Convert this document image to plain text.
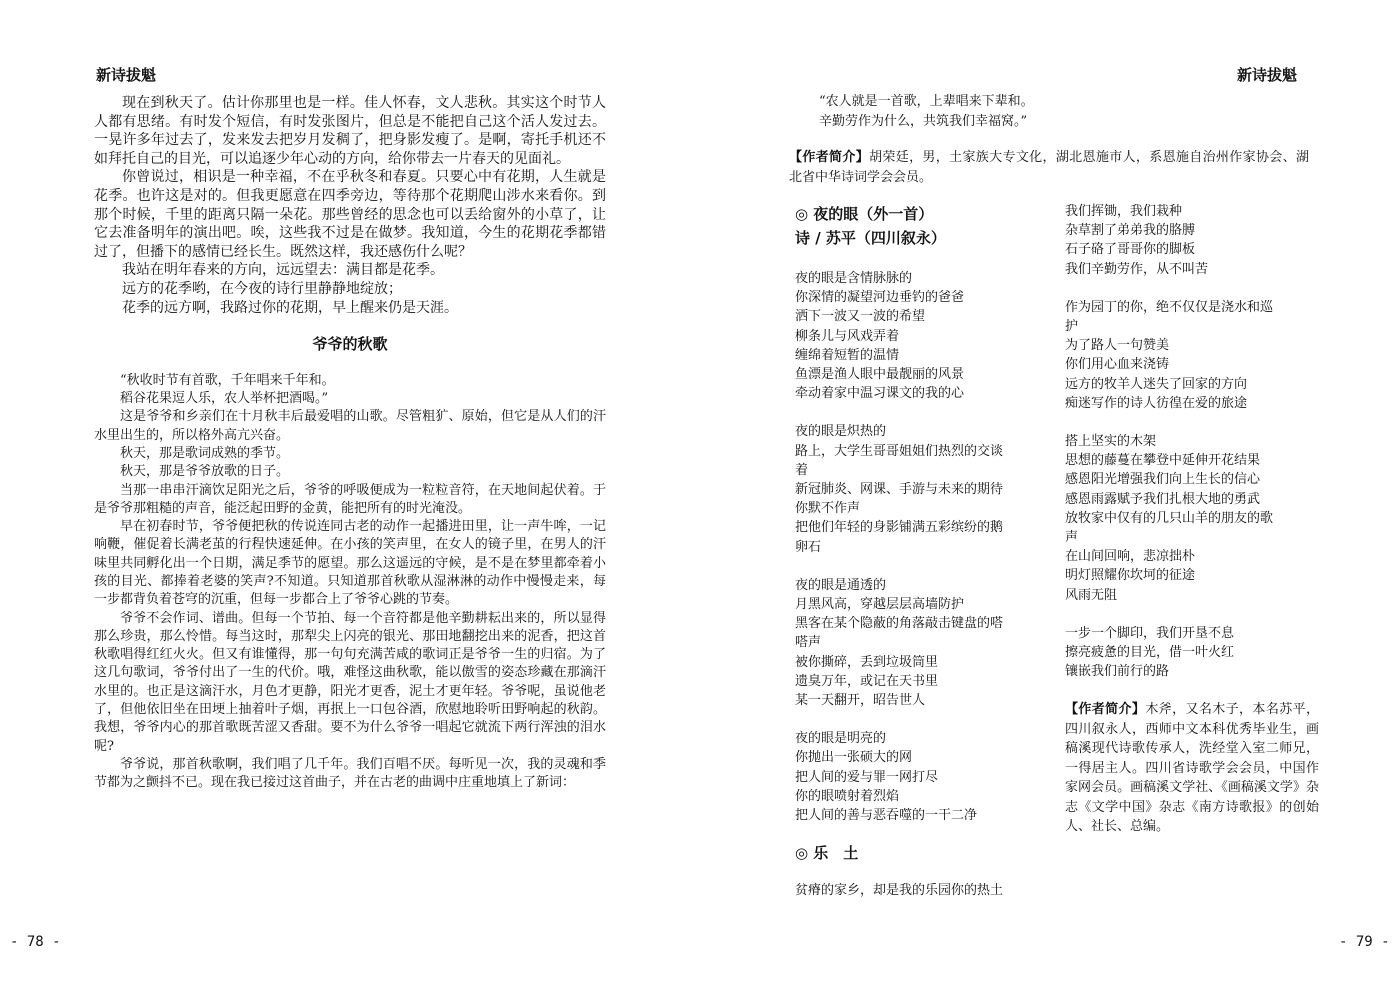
新诗拔魁

现在到秋天了。估计你那里也是一样。佳人怀春，文人悲秋。其实这个时节人人都有思绪。有时发个短信，有时发张图片，但总是不能把自己这个活人发过去。一晃许多年过去了，发来发去把岁月发稠了，把身影发瘦了。是啊，寄托手机还不如拜托自己的目光，可以追逐少年心动的方向，给你带去一片春天的见面礼。

你曾说过，相识是一种幸福，不在乎秋冬和春夏。只要心中有花期，人生就是花季。也许这是对的。但我更愿意在四季旁边，等待那个花期爬山涉水来看你。到那个时候，千里的距离只隔一朵花。那些曾经的思念也可以丢给窗外的小草了，让它去准备明年的演出吧。唉，这些我不过是在做梦。我知道，今生的花期花季都错过了，但播下的感情已经长生。既然这样，我还感伤什么呢？

我站在明年春来的方向，远远望去：满目都是花季。

远方的花季哟，在今夜的诗行里静静地绽放；

花季的远方啊，我路过你的花期，早上醒来仍是天涯。

爷爷的秋歌

“秋收时节有首歌，千年唱来千年和。

稻谷花果逗人乐，农人举杯把酒喝。”

这是爷爷和乡亲们在十月秋丰后最爱唱的山歌。尽管粗犷、原始，但它是从人们的汗水里出生的，所以格外高亢兴奋。

秋天，那是歌词成熟的季节。

秋天，那是爷爷放歌的日子。

当那一串串汗滴饮足阳光之后，爷爷的呼吸便成为一粒粒音符，在天地间起伏着。于是爷爷那粗糙的声音，能泛起田野的金黄，能把所有的时光淹没。

早在初春时节，爷爷便把秋的传说连同古老的动作一起播进田里，让一声牛哞，一记响鞭，催促着长满老茧的行程快速延伸。在小孩的笑声里，在女人的镜子里，在男人的汗味里共同孵化出一个日期，满足季节的愿望。那么这遥远的守候，是不是在梦里都牵着小孩的目光、都捧着老婆的笑声?不知道。只知道那首秋歌从湿淋淋的动作中慢慢走来，每一步都背负着苍穹的沉重，但每一步都合上了爷爷心跳的节奏。

爷爷不会作词、谱曲。但每一个节拍、每一个音符都是他辛勤耕耘出来的，所以显得那么珍贵，那么怜惜。每当这时，那犁尖上闪亮的银光、那田地翻挖出来的泥香，把这首秋歌唱得红红火火。但又有谁懂得，那一句句充满苦咸的歌词正是爷爷一生的归宿。为了这几句歌词，爷爷付出了一生的代价。哦，难怪这曲秋歌，能以傲雪的姿态珍藏在那滴汗水里的。也正是这滴汗水，月色才更静，阳光才更香，泥土才更年轻。爷爷呢，虽说他老了，但他依旧坐在田埂上抽着叶子烟，再抿上一口包谷酒，欣慰地聆听田野响起的秋韵。我想，爷爷内心的那首歌既苦涩又香甜。要不为什么爷爷一唱起它就流下两行浑浊的泪水呢?

爷爷说，那首秋歌啊，我们唱了几千年。我们百唱不厌。每听见一次，我的灵魂和季节都为之颤抖不已。现在我已接过这首曲子，并在古老的曲调中庄重地填上了新词：

- 78 -
新诗拔魁
“农人就是一首歌，上辈唱来下辈和。
辛勤劳作为什么，共筑我们幸福窝。”
【作者简介】胡荣廷，男，土家族大专文化，湖北恩施市人，系恩施自治州作家协会、湖北省中华诗词学会会员。
◎ 夜的眼（外一首）
诗 / 苏平（四川叙永）
夜的眼是含情脉脉的
你深情的凝望河边垂钓的爸爸
洒下一波又一波的希望
柳条儿与风戏弄着
缠绵着短暂的温情
鱼漂是渔人眼中最靓丽的风景
牵动着家中温习课文的我的心
夜的眼是炽热的
路上，大学生哥哥姐姐们热烈的交谈
着
新冠肺炎、网课、手游与未来的期待
你默不作声
把他们年轻的身影铺满五彩缤纷的鹅
卵石
夜的眼是通透的
月黑风高，穿越层层高墙防护
黑客在某个隐蔽的角落敲击键盘的嗒
嗒声
被你撕碎，丢到垃圾筒里
遗臭万年，或记在天书里
某一天翻开，昭告世人
夜的眼是明亮的
你抛出一张硕大的网
把人间的爱与罪一网打尽
你的眼喷射着烈焰
把人间的善与恶吞噬的一干二净
◎ 乐　土
贫瘠的家乡，却是我的乐园你的热土
我们挥锄，我们栽种
杂草割了弟弟我的胳膊
石子硌了哥哥你的脚板
我们辛勤劳作，从不叫苦
作为园丁的你，绝不仅仅是浇水和巡
护
为了路人一句赞美
你们用心血来浇铸
远方的牧羊人迷失了回家的方向
痴迷写作的诗人彷徨在爱的旅途
搭上坚实的木架
思想的藤蔓在攀登中延伸开花结果
感恩阳光增强我们向上生长的信心
感恩雨露赋予我们扎根大地的勇武
放牧家中仅有的几只山羊的朋友的歌
声
在山间回响，悲凉拙朴
明灯照耀你坎坷的征途
风雨无阻
一步一个脚印，我们开垦不息
擦亮疲惫的目光，借一叶火红
镶嵌我们前行的路
【作者简介】木斧，又名木子，本名苏平，四川叙永人，西师中文本科优秀毕业生，画稿溪现代诗歌传承人，洗经堂入室二师兄，一得居主人。四川省诗歌学会会员，中国作家网会员。画稿溪文学社、《画稿溪文学》杂志《文学中国》杂志《南方诗歌报》的创始人、社长、总编。
- 79 -
